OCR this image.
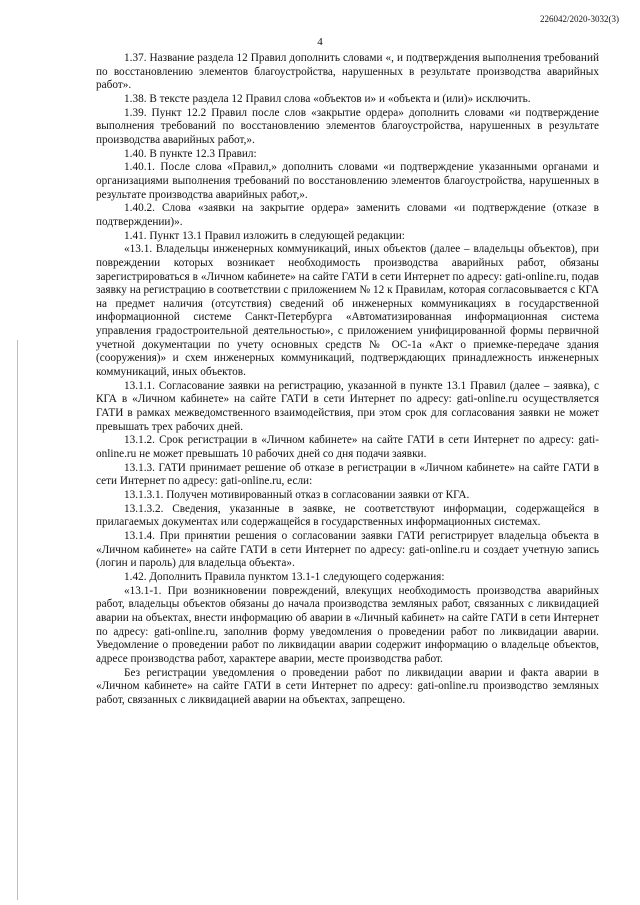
226042/2020-3032(3)
4

1.37. Название раздела 12 Правил дополнить словами «, и подтверждения выполнения требований по восстановлению элементов благоустройства, нарушенных в результате производства аварийных работ».

1.38. В тексте раздела 12 Правил слова «объектов и» и «объекта и (или)» исключить.

1.39. Пункт 12.2 Правил после слов «закрытие ордера» дополнить словами «и подтверждение выполнения требований по восстановлению элементов благоустройства, нарушенных в результате производства аварийных работ,».

1.40. В пункте 12.3 Правил:

1.40.1. После слова «Правил,» дополнить словами «и подтверждение указанными органами и организациями выполнения требований по восстановлению элементов благоустройства, нарушенных в результате производства аварийных работ,».

1.40.2. Слова «заявки на закрытие ордера» заменить словами «и подтверждение (отказе в подтверждении)».

1.41. Пункт 13.1 Правил изложить в следующей редакции:

«13.1. Владельцы инженерных коммуникаций, иных объектов (далее – владельцы объектов), при повреждении которых возникает необходимость производства аварийных работ, обязаны зарегистрироваться в «Личном кабинете» на сайте ГАТИ в сети Интернет по адресу: gati-online.ru, подав заявку на регистрацию в соответствии с приложением № 12 к Правилам, которая согласовывается с КГА на предмет наличия (отсутствия) сведений об инженерных коммуникациях в государственной информационной системе Санкт-Петербурга «Автоматизированная информационная система управления градостроительной деятельностью», с приложением унифицированной формы первичной учетной документации по учету основных средств № ОС-1а «Акт о приемке-передаче здания (сооружения)» и схем инженерных коммуникаций, подтверждающих принадлежность инженерных коммуникаций, иных объектов.

13.1.1. Согласование заявки на регистрацию, указанной в пункте 13.1 Правил (далее – заявка), с КГА в «Личном кабинете» на сайте ГАТИ в сети Интернет по адресу: gati-online.ru осуществляется ГАТИ в рамках межведомственного взаимодействия, при этом срок для согласования заявки не может превышать трех рабочих дней.

13.1.2. Срок регистрации в «Личном кабинете» на сайте ГАТИ в сети Интернет по адресу: gati-online.ru не может превышать 10 рабочих дней со дня подачи заявки.

13.1.3. ГАТИ принимает решение об отказе в регистрации в «Личном кабинете» на сайте ГАТИ в сети Интернет по адресу: gati-online.ru, если:

13.1.3.1. Получен мотивированный отказ в согласовании заявки от КГА.

13.1.3.2. Сведения, указанные в заявке, не соответствуют информации, содержащейся в прилагаемых документах или содержащейся в государственных информационных системах.

13.1.4. При принятии решения о согласовании заявки ГАТИ регистрирует владельца объекта в «Личном кабинете» на сайте ГАТИ в сети Интернет по адресу: gati-online.ru и создает учетную запись (логин и пароль) для владельца объекта».

1.42. Дополнить Правила пунктом 13.1-1 следующего содержания:

«13.1-1. При возникновении повреждений, влекущих необходимость производства аварийных работ, владельцы объектов обязаны до начала производства земляных работ, связанных с ликвидацией аварии на объектах, внести информацию об аварии в «Личный кабинет» на сайте ГАТИ в сети Интернет по адресу: gati-online.ru, заполнив форму уведомления о проведении работ по ликвидации аварии. Уведомление о проведении работ по ликвидации аварии содержит информацию о владельце объектов, адресе производства работ, характере аварии, месте производства работ.

Без регистрации уведомления о проведении работ по ликвидации аварии и факта аварии в «Личном кабинете» на сайте ГАТИ в сети Интернет по адресу: gati-online.ru производство земляных работ, связанных с ликвидацией аварии на объектах, запрещено.
